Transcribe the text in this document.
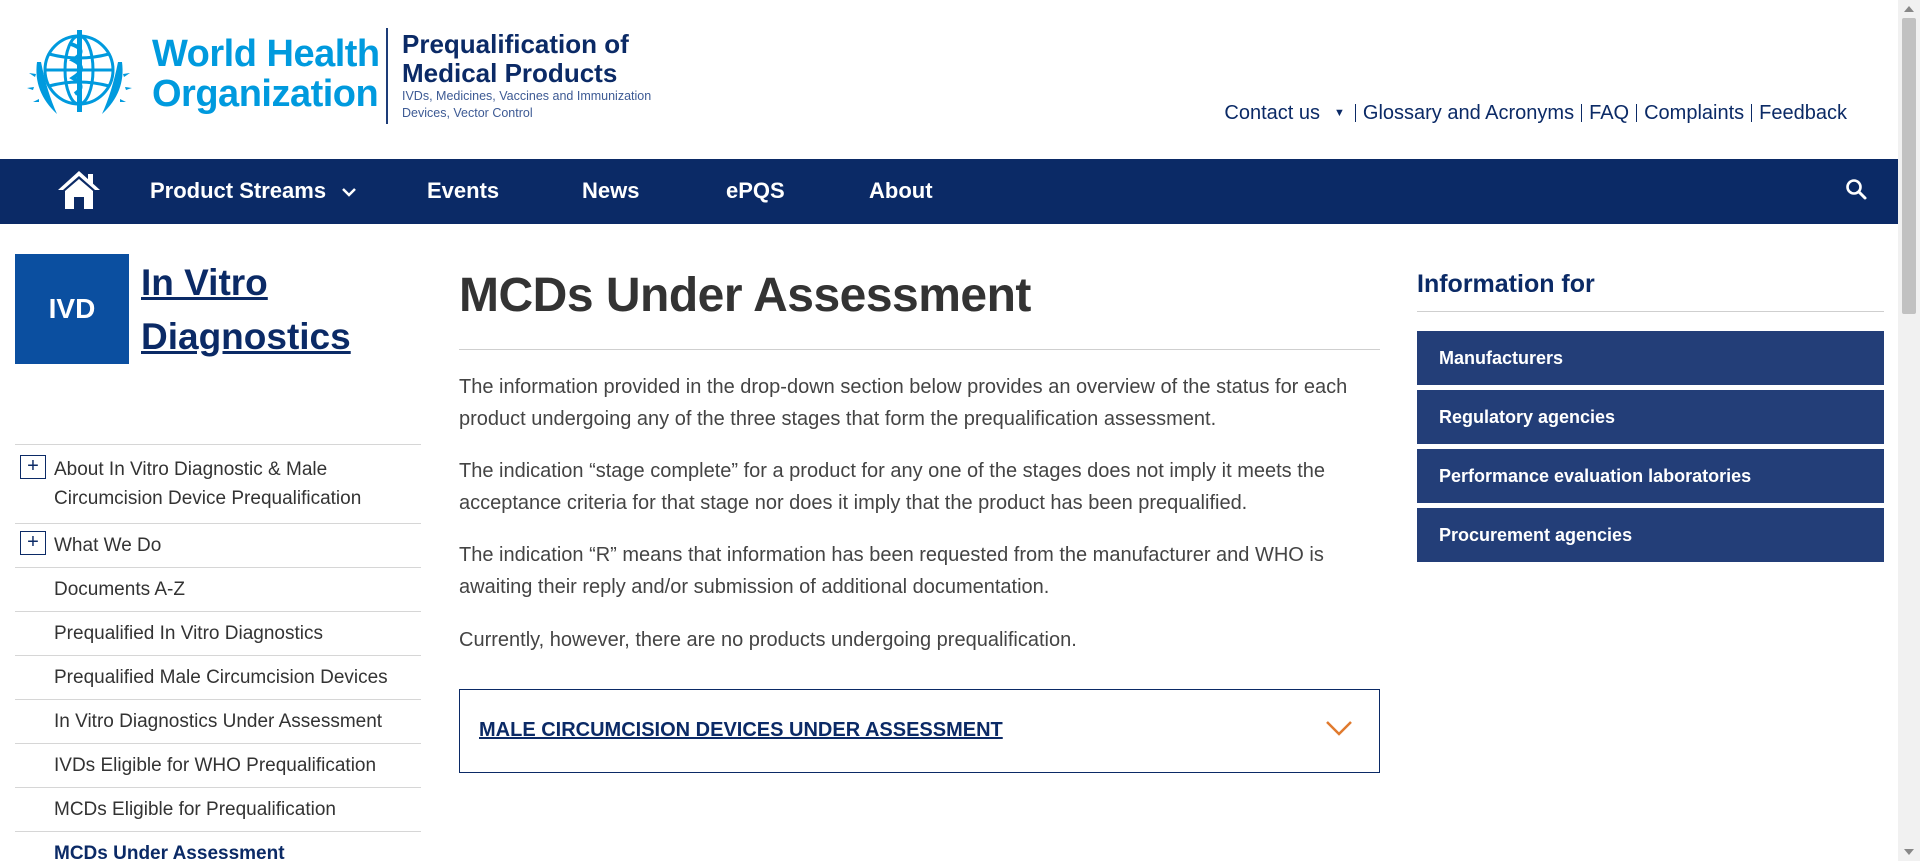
World Health
Organization
Prequalification of
Medical Products
IVDs, Medicines, Vaccines and Immunization Devices, Vector Control	Contact us	▼ Glossary and Acronyms FAQ Complaints Feedback
Product Streams	Events	News	ePQS	About
IVD
In Vitro Diagnostics
+ About In Vitro Diagnostic & Male Circumcision Device Prequalification
+ What We Do
Documents A-Z
Prequalified In Vitro Diagnostics
Prequalified Male Circumcision Devices
In Vitro Diagnostics Under Assessment
IVDs Eligible for WHO Prequalification
MCDs Eligible for Prequalification
MCDs Under Assessment
MCDs Under Assessment

The information provided in the drop-down section below provides an overview of the status for each product undergoing any of the three stages that form the prequalification assessment.

The indication “stage complete” for a product for any one of the stages does not imply it meets the acceptance criteria for that stage nor does it imply that the product has been prequalified.

The indication “R” means that information has been requested from the manufacturer and WHO is awaiting their reply and/or submission of additional documentation.

Currently, however, there are no products undergoing prequalification.

MALE CIRCUMCISION DEVICES UNDER ASSESSMENT
Information for
Manufacturers
Regulatory agencies
Performance evaluation laboratories
Procurement agencies
